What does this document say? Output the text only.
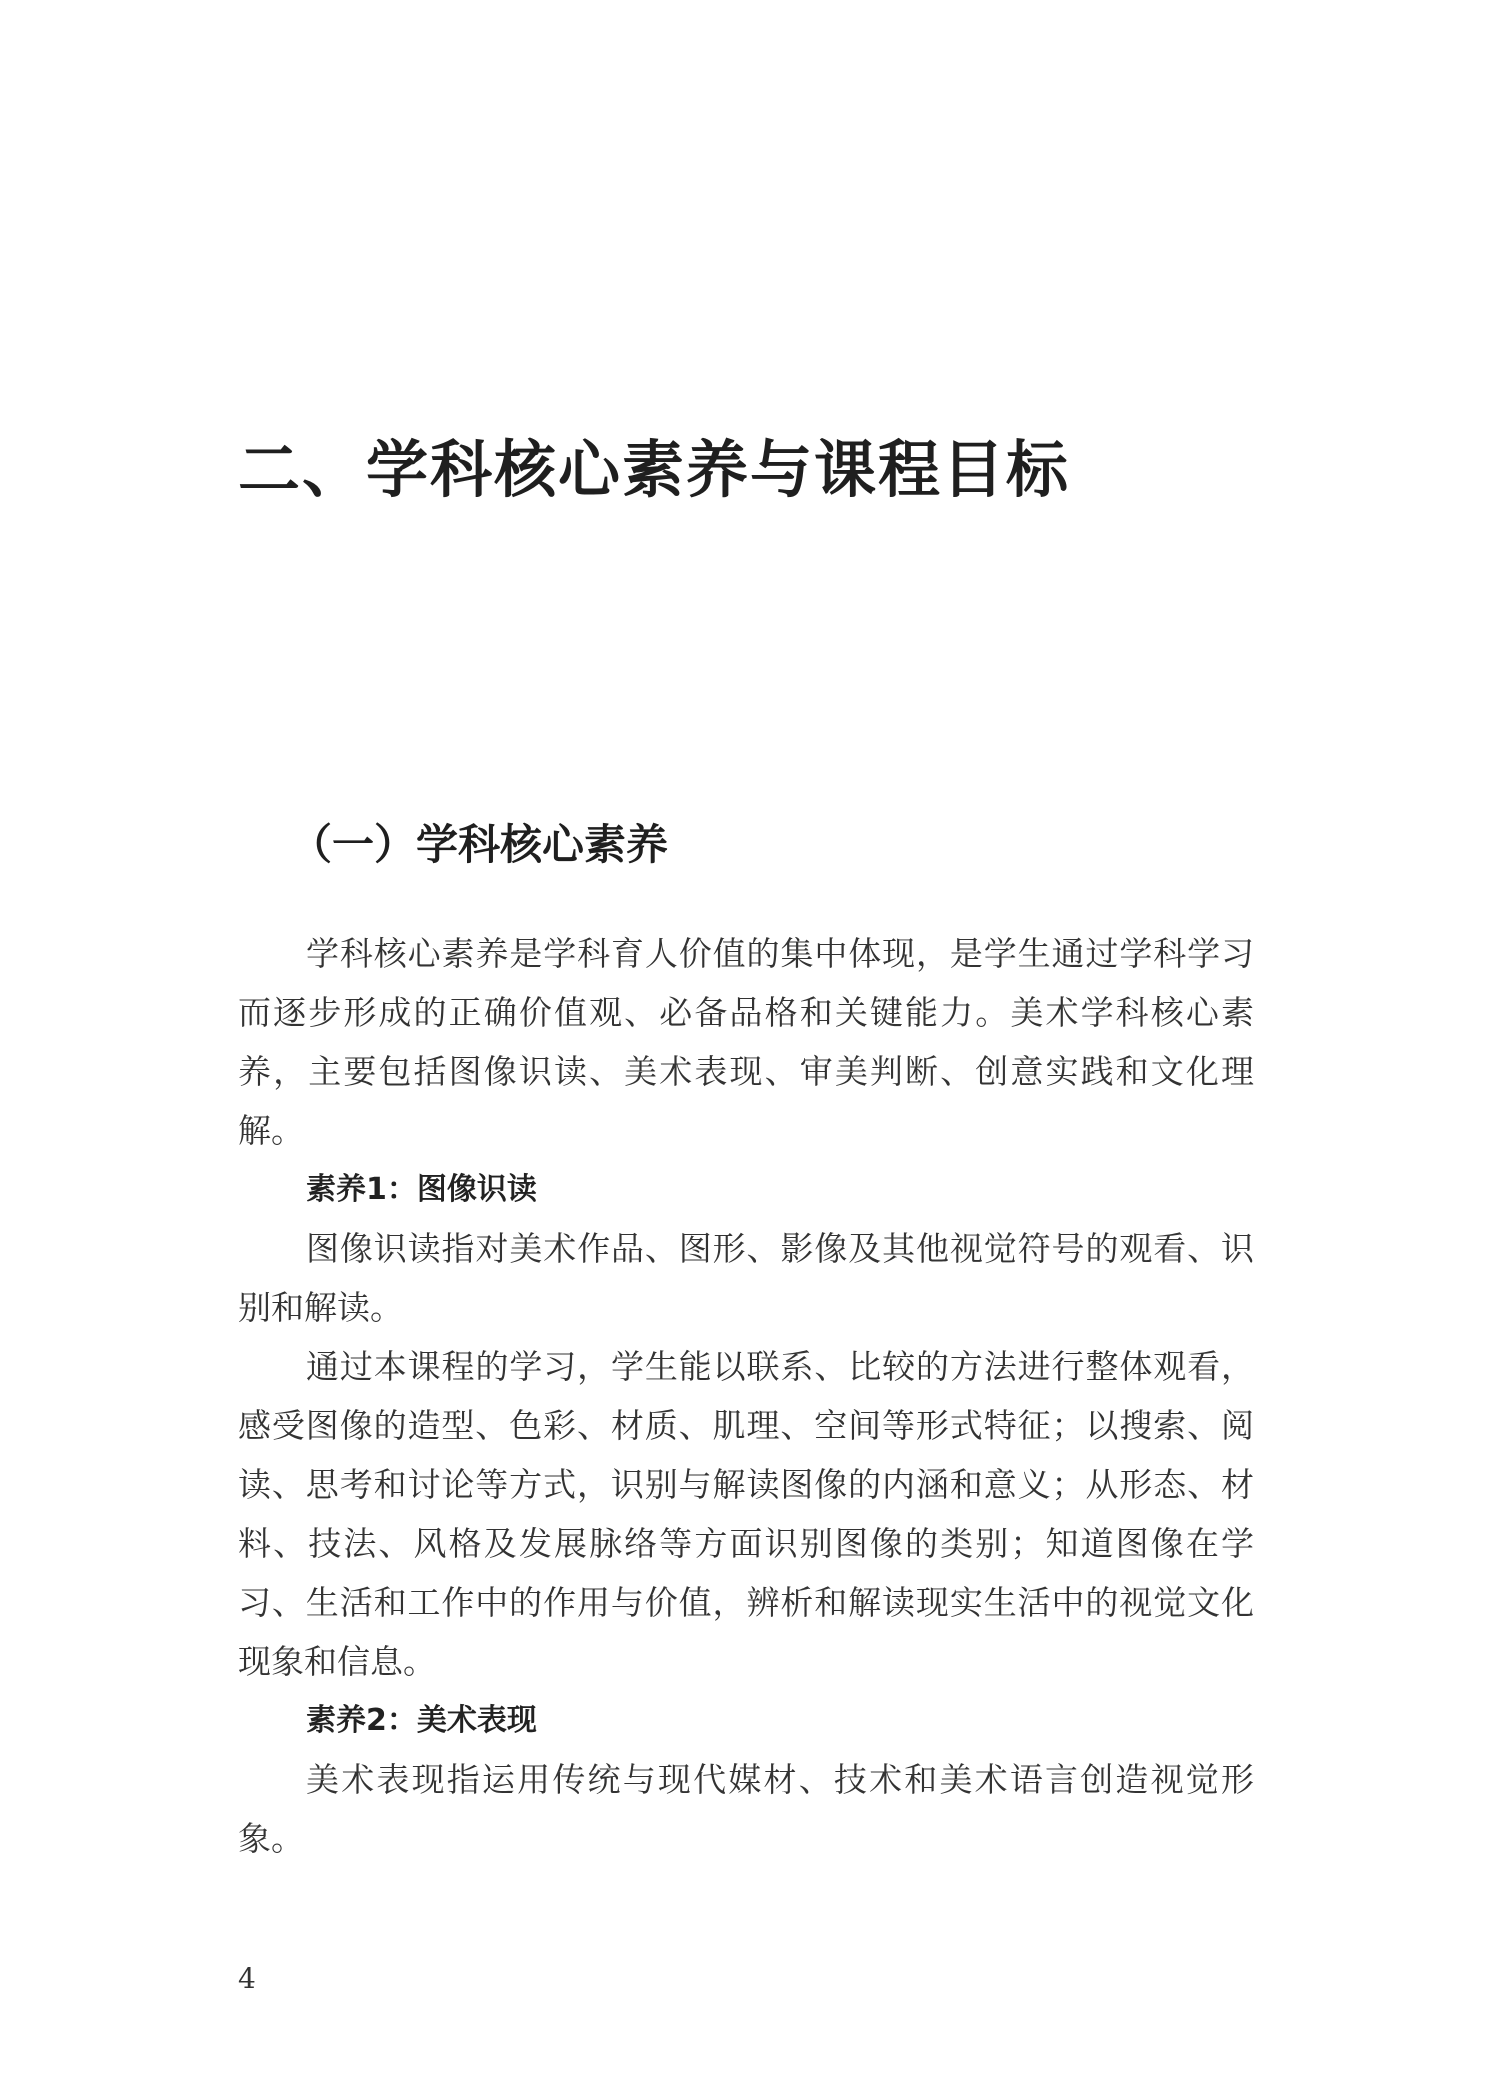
二、学科核心素养与课程目标
（一）学科核心素养

学科核心素养是学科育人价值的集中体现，是学生通过学科学习而逐步形成的正确价值观、必备品格和关键能力。美术学科核心素养，主要包括图像识读、美术表现、审美判断、创意实践和文化理解。

素养1：图像识读

图像识读指对美术作品、图形、影像及其他视觉符号的观看、识别和解读。

通过本课程的学习，学生能以联系、比较的方法进行整体观看，感受图像的造型、色彩、材质、肌理、空间等形式特征；以搜索、阅读、思考和讨论等方式，识别与解读图像的内涵和意义；从形态、材料、技法、风格及发展脉络等方面识别图像的类别；知道图像在学习、生活和工作中的作用与价值，辨析和解读现实生活中的视觉文化现象和信息。

素养2：美术表现

美术表现指运用传统与现代媒材、技术和美术语言创造视觉形象。

4
